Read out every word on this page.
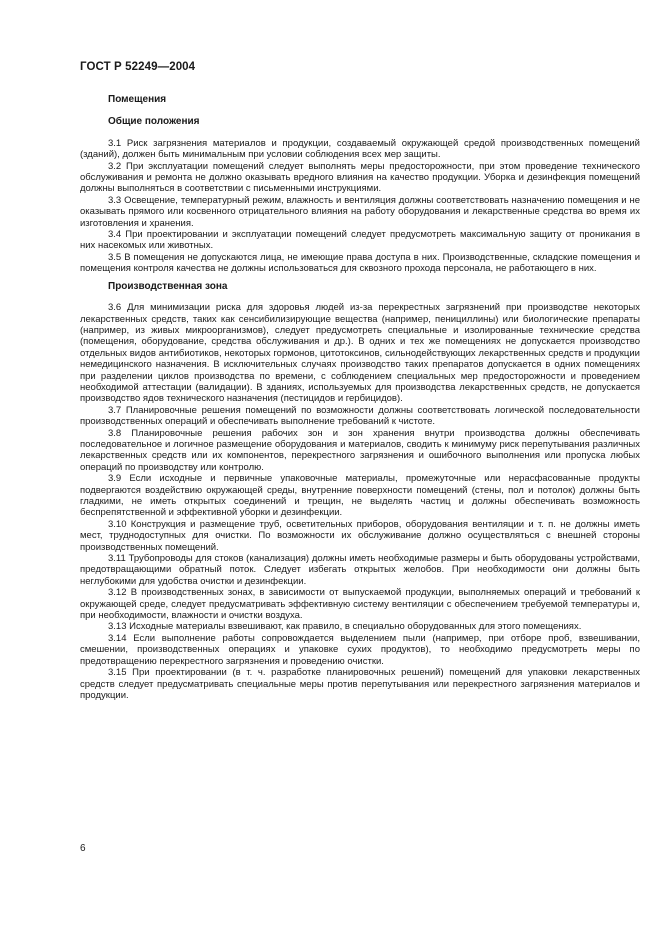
ГОСТ Р 52249—2004
Помещения
Общие положения

3.1 Риск загрязнения материалов и продукции, создаваемый окружающей средой производственных помещений (зданий), должен быть минимальным при условии соблюдения всех мер защиты.

3.2 При эксплуатации помещений следует выполнять меры предосторожности, при этом проведение технического обслуживания и ремонта не должно оказывать вредного влияния на качество продукции. Уборка и дезинфекция помещений должны выполняться в соответствии с письменными инструкциями.

3.3 Освещение, температурный режим, влажность и вентиляция должны соответствовать назначению помещения и не оказывать прямого или косвенного отрицательного влияния на работу оборудования и лекарственные средства во время их изготовления и хранения.

3.4 При проектировании и эксплуатации помещений следует предусмотреть максимальную защиту от проникания в них насекомых или животных.

3.5 В помещения не допускаются лица, не имеющие права доступа в них. Производственные, складские помещения и помещения контроля качества не должны использоваться для сквозного прохода персонала, не работающего в них.

Производственная зона

3.6 Для минимизации риска для здоровья людей из-за перекрестных загрязнений при производстве некоторых лекарственных средств, таких как сенсибилизирующие вещества (например, пенициллины) или биологические препараты (например, из живых микроорганизмов), следует предусмотреть специальные и изолированные технические средства (помещения, оборудование, средства обслуживания и др.). В одних и тех же помещениях не допускается производство отдельных видов антибиотиков, некоторых гормонов, цитотоксинов, сильнодействующих лекарственных средств и продукции немедицинского назначения. В исключительных случаях производство таких препаратов допускается в одних помещениях при разделении циклов производства по времени, с соблюдением специальных мер предосторожности и проведением необходимой аттестации (валидации). В зданиях, используемых для производства лекарственных средств, не допускается производство ядов технического назначения (пестицидов и гербицидов).

3.7 Планировочные решения помещений по возможности должны соответствовать логической последовательности производственных операций и обеспечивать выполнение требований к чистоте.

3.8 Планировочные решения рабочих зон и зон хранения внутри производства должны обеспечивать последовательное и логичное размещение оборудования и материалов, сводить к минимуму риск перепутывания различных лекарственных средств или их компонентов, перекрестного загрязнения и ошибочного выполнения или пропуска любых операций по производству или контролю.

3.9 Если исходные и первичные упаковочные материалы, промежуточные или нерасфасованные продукты подвергаются воздействию окружающей среды, внутренние поверхности помещений (стены, пол и потолок) должны быть гладкими, не иметь открытых соединений и трещин, не выделять частиц и должны обеспечивать возможность беспрепятственной и эффективной уборки и дезинфекции.

3.10 Конструкция и размещение труб, осветительных приборов, оборудования вентиляции и т. п. не должны иметь мест, труднодоступных для очистки. По возможности их обслуживание должно осуществляться с внешней стороны производственных помещений.

3.11 Трубопроводы для стоков (канализация) должны иметь необходимые размеры и быть оборудованы устройствами, предотвращающими обратный поток. Следует избегать открытых желобов. При необходимости они должны быть неглубокими для удобства очистки и дезинфекции.

3.12 В производственных зонах, в зависимости от выпускаемой продукции, выполняемых операций и требований к окружающей среде, следует предусматривать эффективную систему вентиляции с обеспечением требуемой температуры и, при необходимости, влажности и очистки воздуха.

3.13 Исходные материалы взвешивают, как правило, в специально оборудованных для этого помещениях.

3.14 Если выполнение работы сопровождается выделением пыли (например, при отборе проб, взвешивании, смешении, производственных операциях и упаковке сухих продуктов), то необходимо предусмотреть меры по предотвращению перекрестного загрязнения и проведению очистки.

3.15 При проектировании (в т. ч. разработке планировочных решений) помещений для упаковки лекарственных средств следует предусматривать специальные меры против перепутывания или перекрестного загрязнения материалов и продукции.

6
